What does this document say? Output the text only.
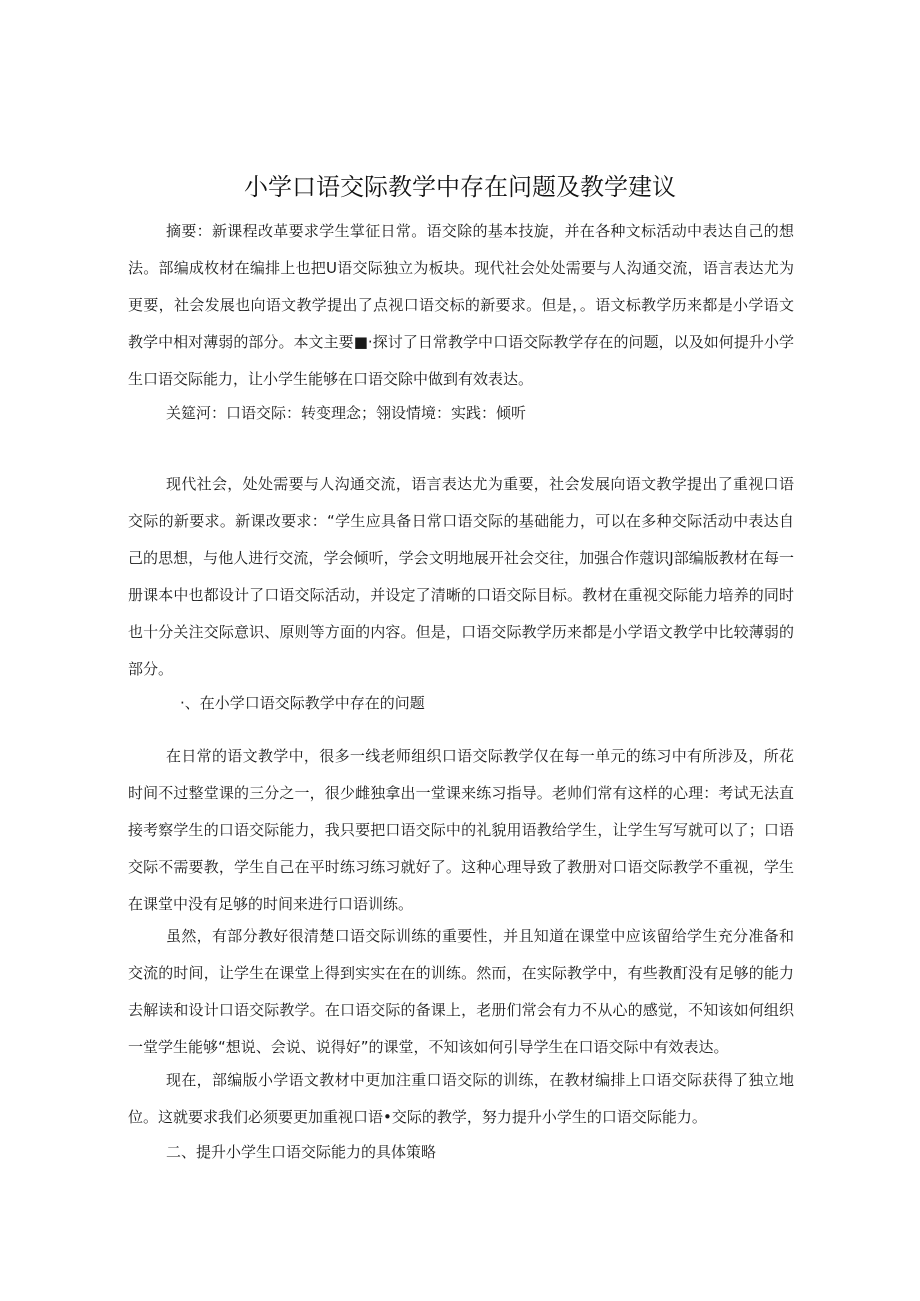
小学口语交际教学中存在问题及教学建议

摘要：新课程改革要求学生掌征日常。语交除的基本技旋，并在各种文标活动中表达自己的想法。部编成枚材在编排上也把U语交际独立为板块。现代社会处处需要与人沟通交流，语言表达尤为更要，社会发展也向语文教学提出了点视口语交标的新要求。但是，。语文标教学历来都是小学语文教学中相对薄弱的部分。本文主要■·探讨了日常教学中口语交际教学存在的问题，以及如何提升小学生口语交际能力，让小学生能够在口语交除中做到有效表达。

关筵河：口语交际：转变理念；翎设情境：实践：倾听

现代社会，处处需要与人沟通交流，语言表达尤为重要，社会发展向语文教学提出了重视口语交际的新要求。新课改要求：“学生应具备日常口语交际的基础能力，可以在多种交际活动中表达自己的思想，与他人进行交流，学会倾听，学会文明地展开社会交往，加强合作蔻识J部编版教材在每一册课本中也都设计了口语交际活动，并设定了清晰的口语交际目标。教材在重视交际能力培养的同时也十分关注交际意识、原则等方面的内容。但是，口语交际教学历来都是小学语文教学中比较薄弱的部分。

·、在小学口语交际教学中存在的问题

在日常的语文教学中，很多一线老师组织口语交际教学仅在每一单元的练习中有所涉及，所花时间不过整堂课的三分之一，很少雌独拿出一堂课来练习指导。老帅们常有这样的心理：考试无法直接考察学生的口语交际能力，我只要把口语交际中的礼貌用语教给学生，让学生写写就可以了；口语交际不需要教，学生自己在平时练习练习就好了。这种心理导致了教册对口语交际教学不重视，学生在课堂中没有足够的时间来进行口语训练。

虽然，有部分教好很清楚口语交际训练的重要性，并且知道在课堂中应该留给学生充分准备和交流的时间，让学生在课堂上得到实实在在的训练。然而，在实际教学中，有些教酊没有足够的能力去解读和设计口语交际教学。在口语交际的备课上，老册们常会有力不从心的感觉，不知该如何组织一堂学生能够“想说、会说、说得好”的课堂，不知该如何引导学生在口语交际中有效表达。

现在，部编版小学语文教材中更加注重口语交际的训练，在教材编排上口语交际获得了独立地位。这就要求我们必须要更加重视口语•交际的教学，努力提升小学生的口语交际能力。

二、提升小学生口语交际能力的具体策略
